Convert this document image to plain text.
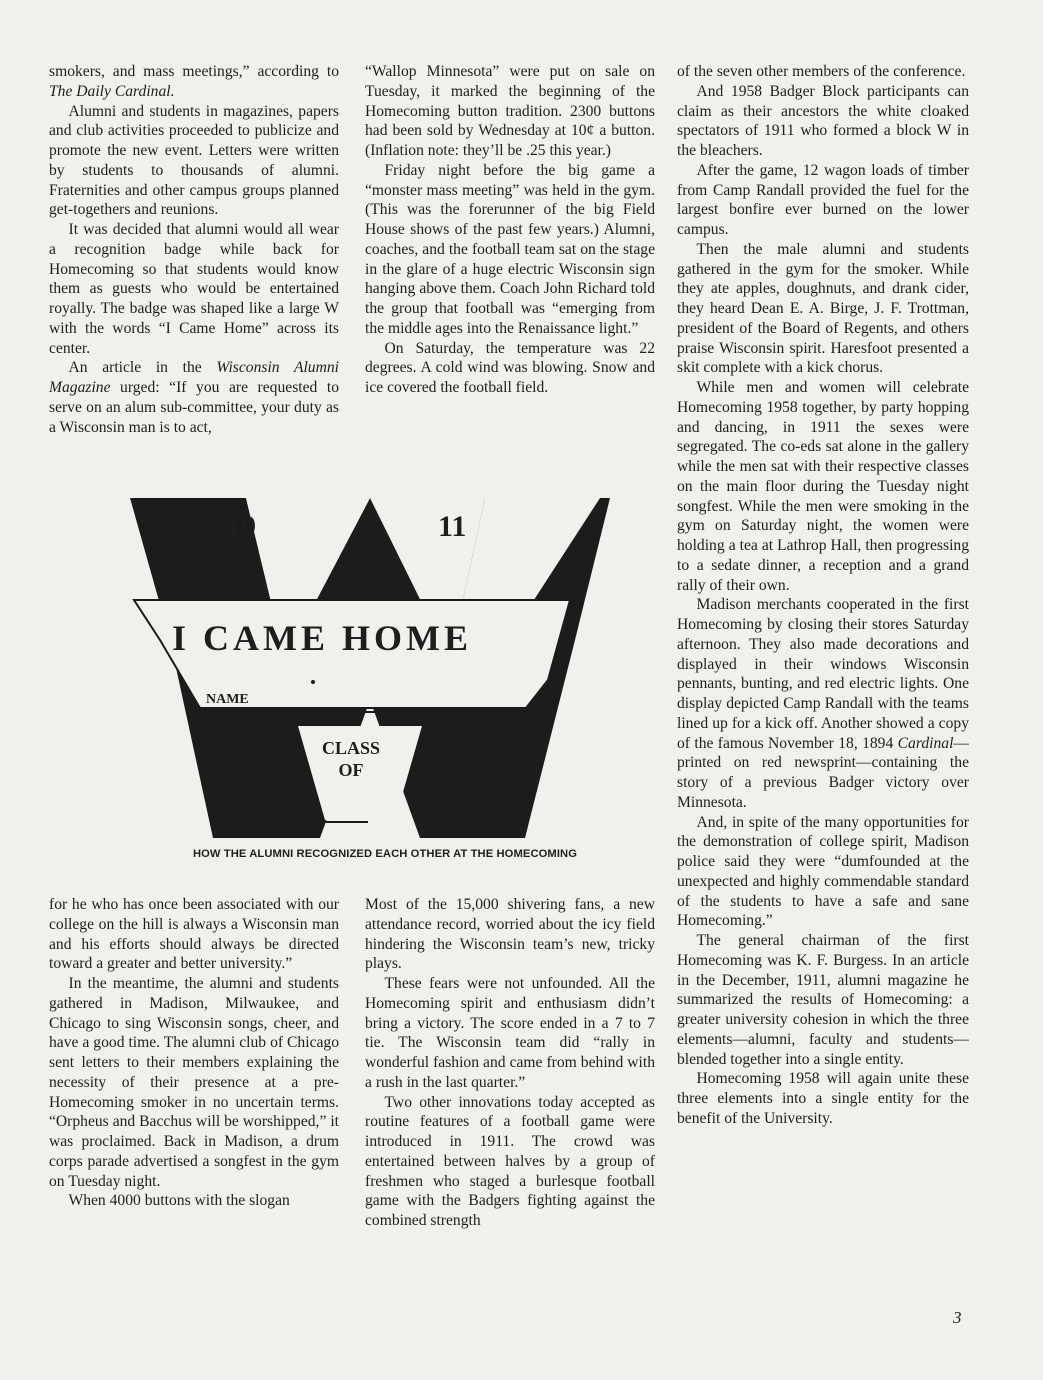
smokers, and mass meetings,” according to The Daily Cardinal.

Alumni and students in magazines, papers and club activities proceeded to publicize and promote the new event. Letters were written by students to thousands of alumni. Fraternities and other campus groups planned get-togethers and reunions.

It was decided that alumni would all wear a recognition badge while back for Homecoming so that students would know them as guests who would be entertained royally. The badge was shaped like a large W with the words “I Came Home” across its center.

An article in the Wisconsin Alumni Magazine urged: “If you are requested to serve on an alum sub-committee, your duty as a Wisconsin man is to act,

“Wallop Minnesota” were put on sale on Tuesday, it marked the beginning of the Homecoming button tradition. 2300 buttons had been sold by Wednesday at 10¢ a button. (Inflation note: they’ll be .25 this year.)

Friday night before the big game a “monster mass meeting” was held in the gym. (This was the forerunner of the big Field House shows of the past few years.) Alumni, coaches, and the football team sat on the stage in the glare of a huge electric Wisconsin sign hanging above them. Coach John Richard told the group that football was “emerging from the middle ages into the Renaissance light.”

On Saturday, the temperature was 22 degrees. A cold wind was blowing. Snow and ice covered the football field.

of the seven other members of the conference.

And 1958 Badger Block participants can claim as their ancestors the white cloaked spectators of 1911 who formed a block W in the bleachers.

After the game, 12 wagon loads of timber from Camp Randall provided the fuel for the largest bonfire ever burned on the lower campus.

Then the male alumni and students gathered in the gym for the smoker. While they ate apples, doughnuts, and drank cider, they heard Dean E. A. Birge, J. F. Trottman, president of the Board of Regents, and others praise Wisconsin spirit. Haresfoot presented a skit complete with a kick chorus.

While men and women will celebrate Homecoming 1958 together, by party hopping and dancing, in 1911 the sexes were segregated. The co-eds sat alone in the gallery while the men sat with their respective classes on the main floor during the Tuesday night songfest. While the men were smoking in the gym on Saturday night, the women were holding a tea at Lathrop Hall, then progressing to a sedate dinner, a reception and a grand rally of their own.

Madison merchants cooperated in the first Homecoming by closing their stores Saturday afternoon. They also made decorations and displayed in their windows Wisconsin pennants, bunting, and red electric lights. One display depicted Camp Randall with the teams lined up for a kick off. Another showed a copy of the famous November 18, 1894 Cardinal—printed on red newsprint—containing the story of a previous Badger victory over Minnesota.

And, in spite of the many opportunities for the demonstration of college spirit, Madison police said they were “dumfounded at the unexpected and highly commendable standard of the students to have a safe and sane Homecoming.”

The general chairman of the first Homecoming was K. F. Burgess. In an article in the December, 1911, alumni magazine he summarized the results of Homecoming: a greater university cohesion in which the three elements—alumni, faculty and students—blended together into a single entity.

Homecoming 1958 will again unite these three elements into a single entity for the benefit of the University.

19	11
I CAME HOME
NAME
CLASS OF
HOW THE ALUMNI RECOGNIZED EACH OTHER AT THE HOMECOMING

for he who has once been associated with our college on the hill is always a Wisconsin man and his efforts should always be directed toward a greater and better university.”

In the meantime, the alumni and students gathered in Madison, Milwaukee, and Chicago to sing Wisconsin songs, cheer, and have a good time. The alumni club of Chicago sent letters to their members explaining the necessity of their presence at a pre-Homecoming smoker in no uncertain terms. “Orpheus and Bacchus will be worshipped,” it was proclaimed. Back in Madison, a drum corps parade advertised a songfest in the gym on Tuesday night.

When 4000 buttons with the slogan

Most of the 15,000 shivering fans, a new attendance record, worried about the icy field hindering the Wisconsin team’s new, tricky plays.

These fears were not unfounded. All the Homecoming spirit and enthusiasm didn’t bring a victory. The score ended in a 7 to 7 tie. The Wisconsin team did “rally in wonderful fashion and came from behind with a rush in the last quarter.”

Two other innovations today accepted as routine features of a football game were introduced in 1911. The crowd was entertained between halves by a group of freshmen who staged a burlesque football game with the Badgers fighting against the combined strength

3
